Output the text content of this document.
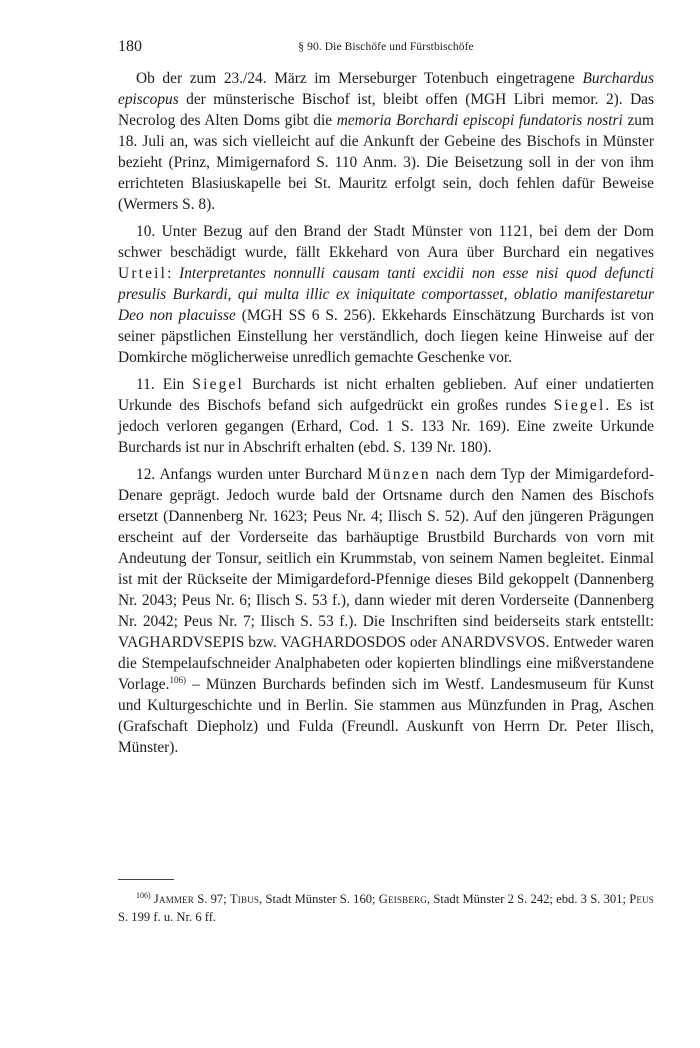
180	§ 90. Die Bischöfe und Fürstbischöfe

Ob der zum 23./24. März im Merseburger Totenbuch eingetragene Burchardus episcopus der münsterische Bischof ist, bleibt offen (MGH Libri memor. 2). Das Necrolog des Alten Doms gibt die memoria Borchardi episcopi fundatoris nostri zum 18. Juli an, was sich vielleicht auf die Ankunft der Gebeine des Bischofs in Münster bezieht (Prinz, Mimigernaford S. 110 Anm. 3). Die Beisetzung soll in der von ihm errichteten Blasiuskapelle bei St. Mauritz erfolgt sein, doch fehlen dafür Beweise (Wermers S. 8).

10. Unter Bezug auf den Brand der Stadt Münster von 1121, bei dem der Dom schwer beschädigt wurde, fällt Ekkehard von Aura über Burchard ein negatives Urteil: Interpretantes nonnulli causam tanti excidii non esse nisi quod defuncti presulis Burkardi, qui multa illic ex iniquitate comportasset, oblatio manifestaretur Deo non placuisse (MGH SS 6 S. 256). Ekkehards Einschätzung Burchards ist von seiner päpstlichen Einstellung her verständlich, doch liegen keine Hinweise auf der Domkirche möglicherweise unredlich gemachte Geschenke vor.

11. Ein Siegel Burchards ist nicht erhalten geblieben. Auf einer undatierten Urkunde des Bischofs befand sich aufgedrückt ein großes rundes Siegel. Es ist jedoch verloren gegangen (Erhard, Cod. 1 S. 133 Nr. 169). Eine zweite Urkunde Burchards ist nur in Abschrift erhalten (ebd. S. 139 Nr. 180).

12. Anfangs wurden unter Burchard Münzen nach dem Typ der Mimigardeford-Denare geprägt. Jedoch wurde bald der Ortsname durch den Namen des Bischofs ersetzt (Dannenberg Nr. 1623; Peus Nr. 4; Ilisch S. 52). Auf den jüngeren Prägungen erscheint auf der Vorderseite das barhäuptige Brustbild Burchards von vorn mit Andeutung der Tonsur, seitlich ein Krummstab, von seinem Namen begleitet. Einmal ist mit der Rückseite der Mimigardeford-Pfennige dieses Bild gekoppelt (Dannenberg Nr. 2043; Peus Nr. 6; Ilisch S. 53 f.), dann wieder mit deren Vorderseite (Dannenberg Nr. 2042; Peus Nr. 7; Ilisch S. 53 f.). Die Inschriften sind beiderseits stark entstellt: VAGHARDVSEPIS bzw. VAGHARDOSDOS oder ANARDVSVOS. Entweder waren die Stempelaufschneider Analphabeten oder kopierten blindlings eine mißverstandene Vorlage.$^{106)}$ – Münzen Burchards befinden sich im Westf. Landesmuseum für Kunst und Kulturgeschichte und in Berlin. Sie stammen aus Münzfunden in Prag, Aschen (Grafschaft Diepholz) und Fulda (Freundl. Auskunft von Herrn Dr. Peter Ilisch, Münster).

$^{106)}$ Jammer S. 97; Tibus, Stadt Münster S. 160; Geisberg, Stadt Münster 2 S. 242; ebd. 3 S. 301; Peus S. 199 f. u. Nr. 6 ff.
